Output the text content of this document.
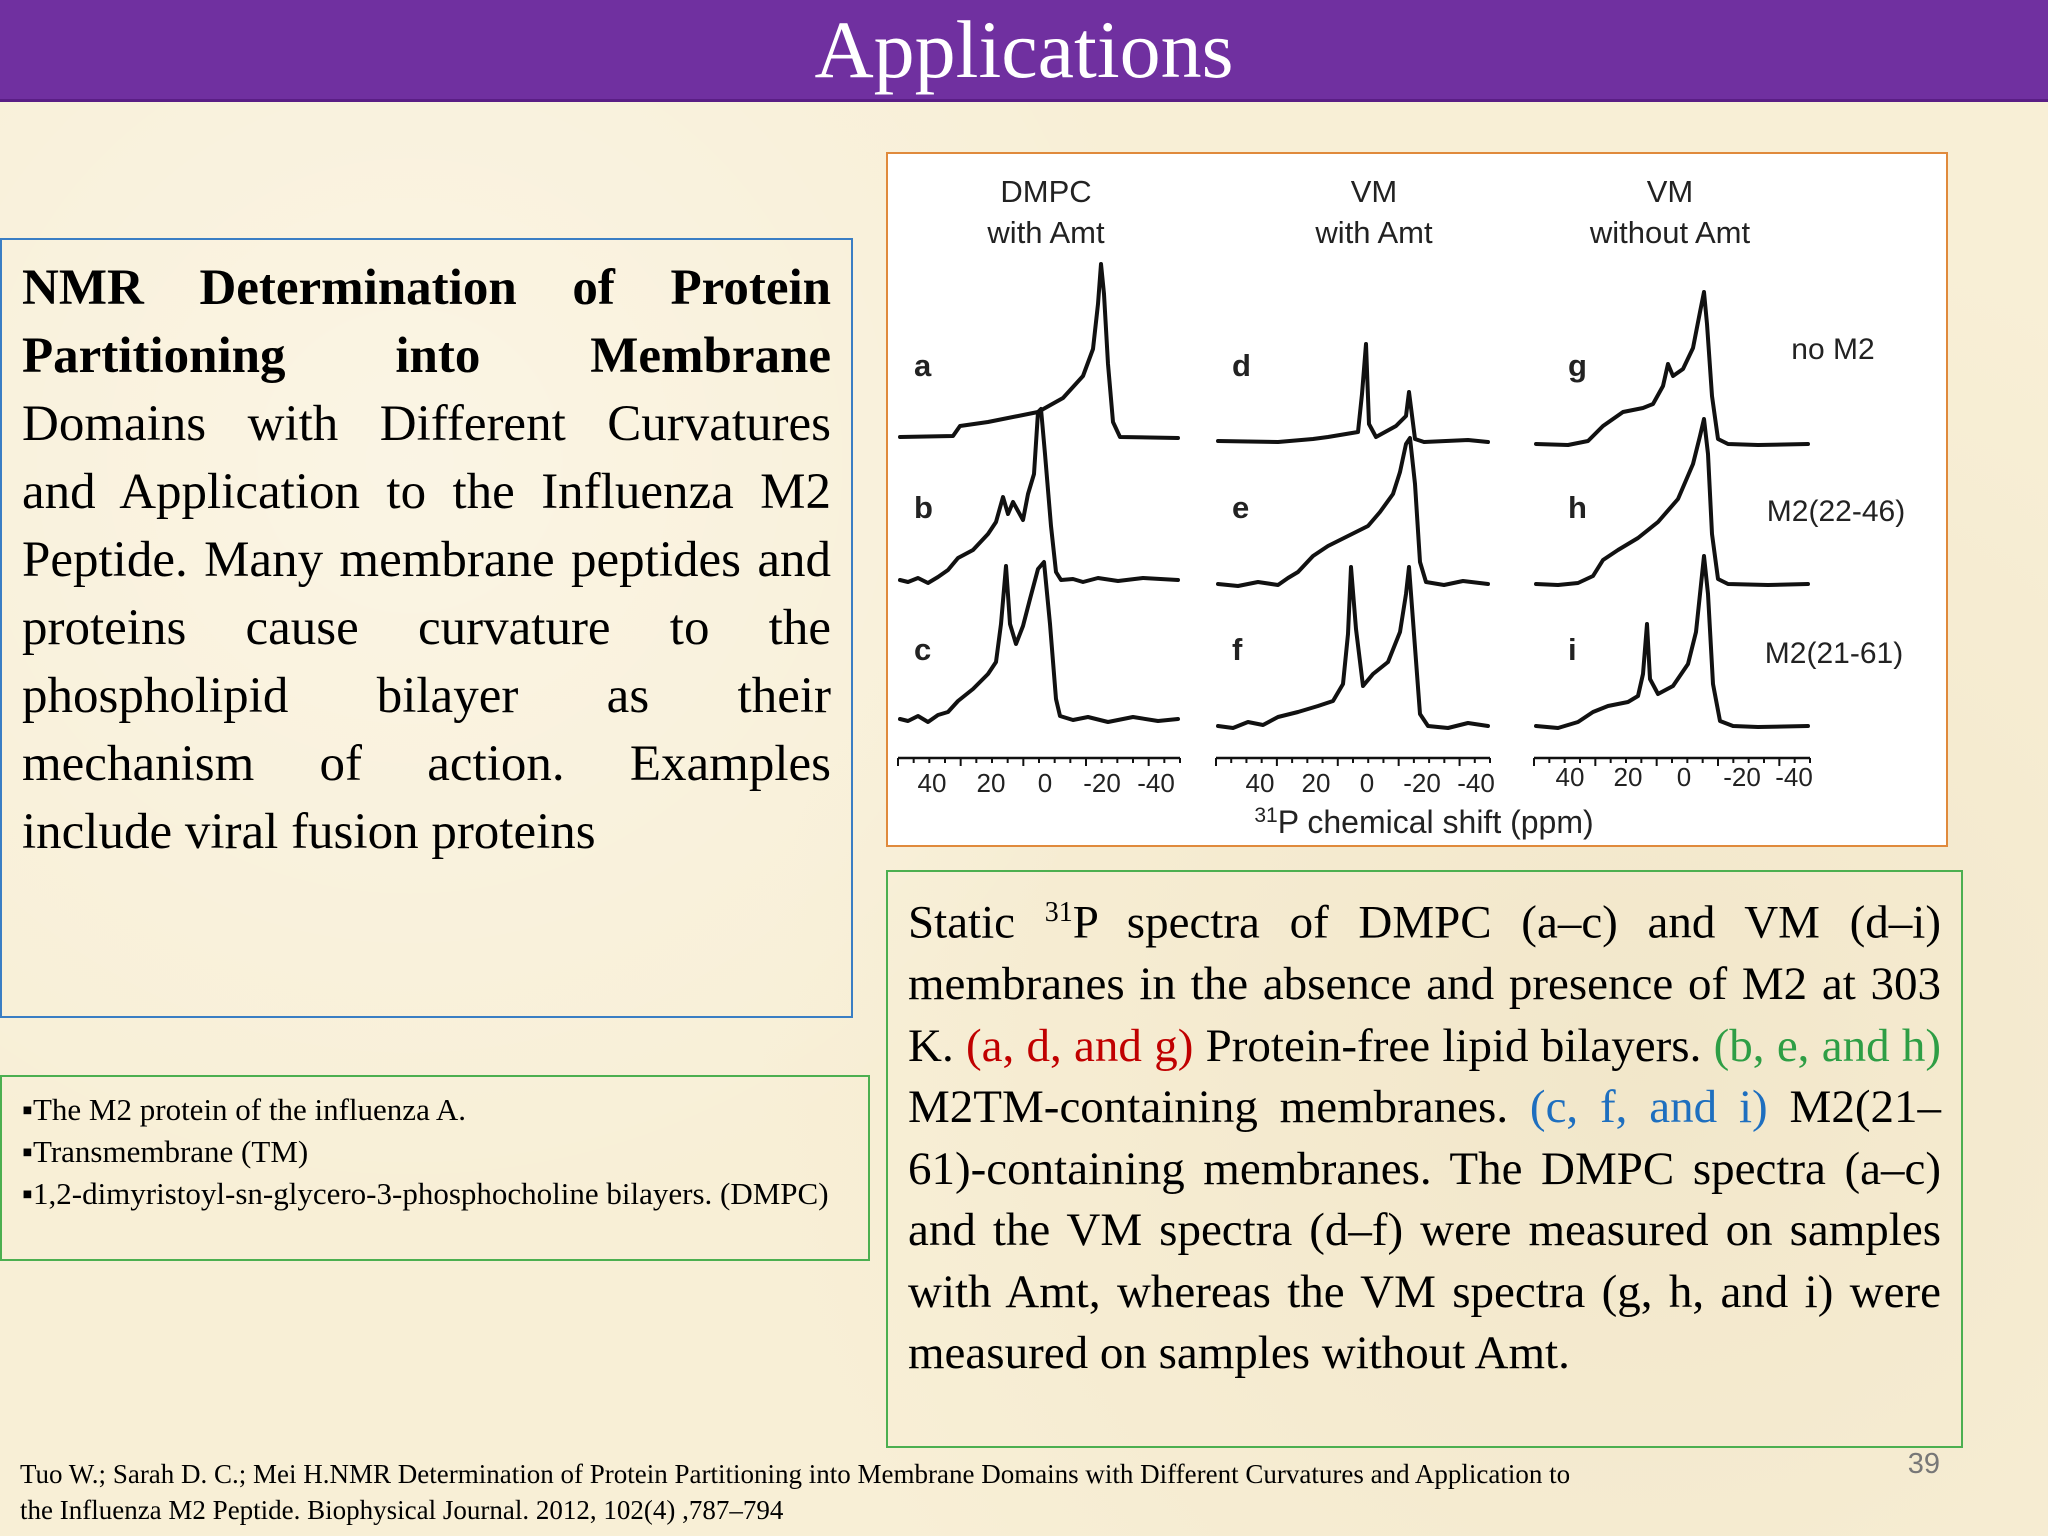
Applications
NMR Determination of Protein Partitioning into Membrane Domains with Different Curvatures and Application to the Influenza M2 Peptide. Many membrane peptides and proteins cause curvature to the phospholipid bilayer as their mechanism of action. Examples include viral fusion proteins
▪The M2 protein of the influenza A.
▪Transmembrane (TM)
▪1,2-dimyristoyl-sn-glycero-3-phosphocholine bilayers. (DMPC)
DMPC
with Amt
VM
with Amt
VM
without Amt
a
b
c
d
e
f
g
h
i
no M2
M2(22-46)
M2(21-61)
40 20 0 -20 -40	40 20 0 -20 -40 40 20 0 -20 -40
$^{31}$P chemical shift (ppm)
Static $^{31}$P spectra of DMPC (a–c) and VM (d–i) membranes in the absence and presence of M2 at 303 K. (a, d, and g) Protein-free lipid bilayers. (b, e, and h) M2TM-containing membranes. (c, f, and i) M2(21–61)-containing membranes. The DMPC spectra (a–c) and the VM spectra (d–f) were measured on samples with Amt, whereas the VM spectra (g, h, and i) were measured on samples without Amt.
Tuo W.; Sarah D. C.; Mei H.NMR Determination of Protein Partitioning into Membrane Domains with Different Curvatures and Application to the Influenza M2 Peptide. Biophysical Journal. 2012, 102(4) ,787–794
39
